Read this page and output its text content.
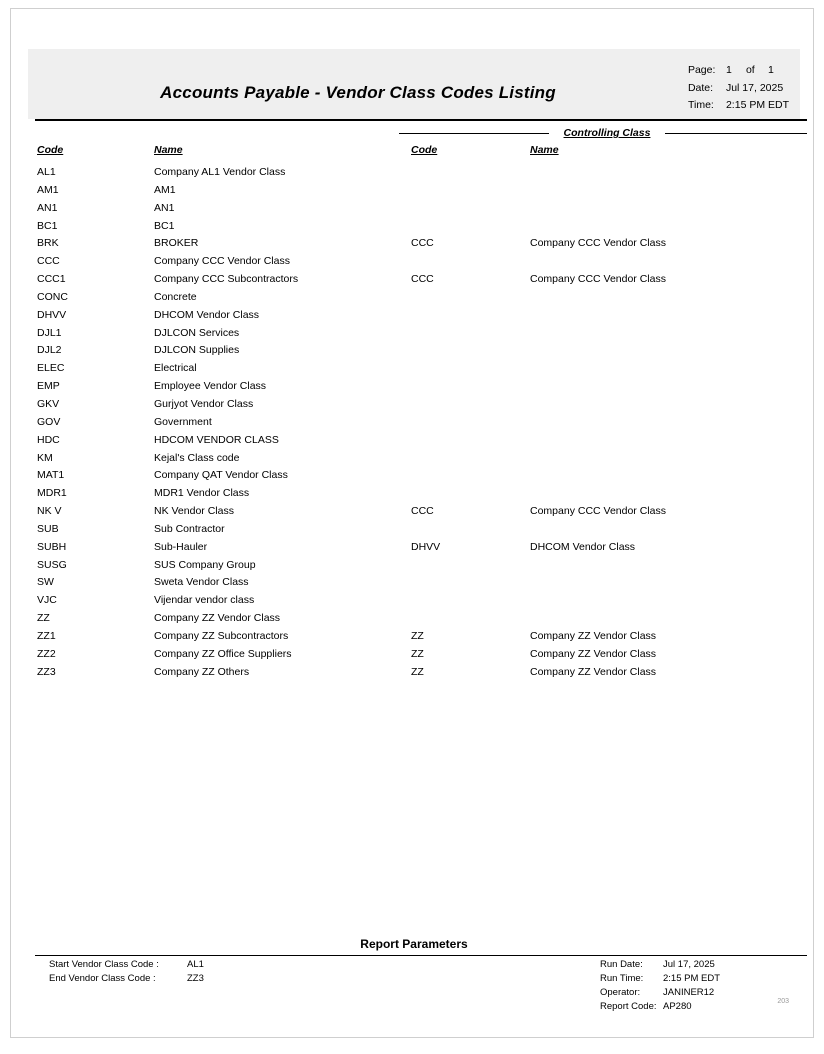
Accounts Payable - Vendor Class Codes Listing
Page:	1	of	1
Date:	Jul 17, 2025
Time:	2:15 PM EDT
Controlling Class
Code	Name	Code	Name
AL1	Company AL1 Vendor Class
AM1	AM1
AN1	AN1
BC1	BC1
BRK	BROKER	CCC	Company CCC Vendor Class
CCC	Company CCC Vendor Class
CCC1	Company CCC Subcontractors	CCC	Company CCC Vendor Class
CONC	Concrete
DHVV	DHCOM Vendor Class
DJL1	DJLCON Services
DJL2	DJLCON Supplies
ELEC	Electrical
EMP	Employee Vendor Class
GKV	Gurjyot Vendor Class
GOV	Government
HDC	HDCOM VENDOR CLASS
KM	Kejal's Class code
MAT1	Company QAT Vendor Class
MDR1	MDR1 Vendor Class
NK V	NK Vendor Class	CCC	Company CCC Vendor Class
SUB	Sub Contractor
SUBH	Sub-Hauler	DHVV	DHCOM Vendor Class
SUSG	SUS Company Group
SW	Sweta Vendor Class
VJC	Vijendar vendor class
ZZ	Company ZZ Vendor Class
ZZ1	Company ZZ Subcontractors	ZZ	Company ZZ Vendor Class
ZZ2	Company ZZ Office Suppliers	ZZ	Company ZZ Vendor Class
ZZ3	Company ZZ Others	ZZ	Company ZZ Vendor Class
Report Parameters
Start Vendor Class Code :	AL1
End Vendor Class Code :	ZZ3
Run Date:	Jul 17, 2025
Run Time:	2:15 PM EDT
Operator:	JANINER12
Report Code: AP280	203
